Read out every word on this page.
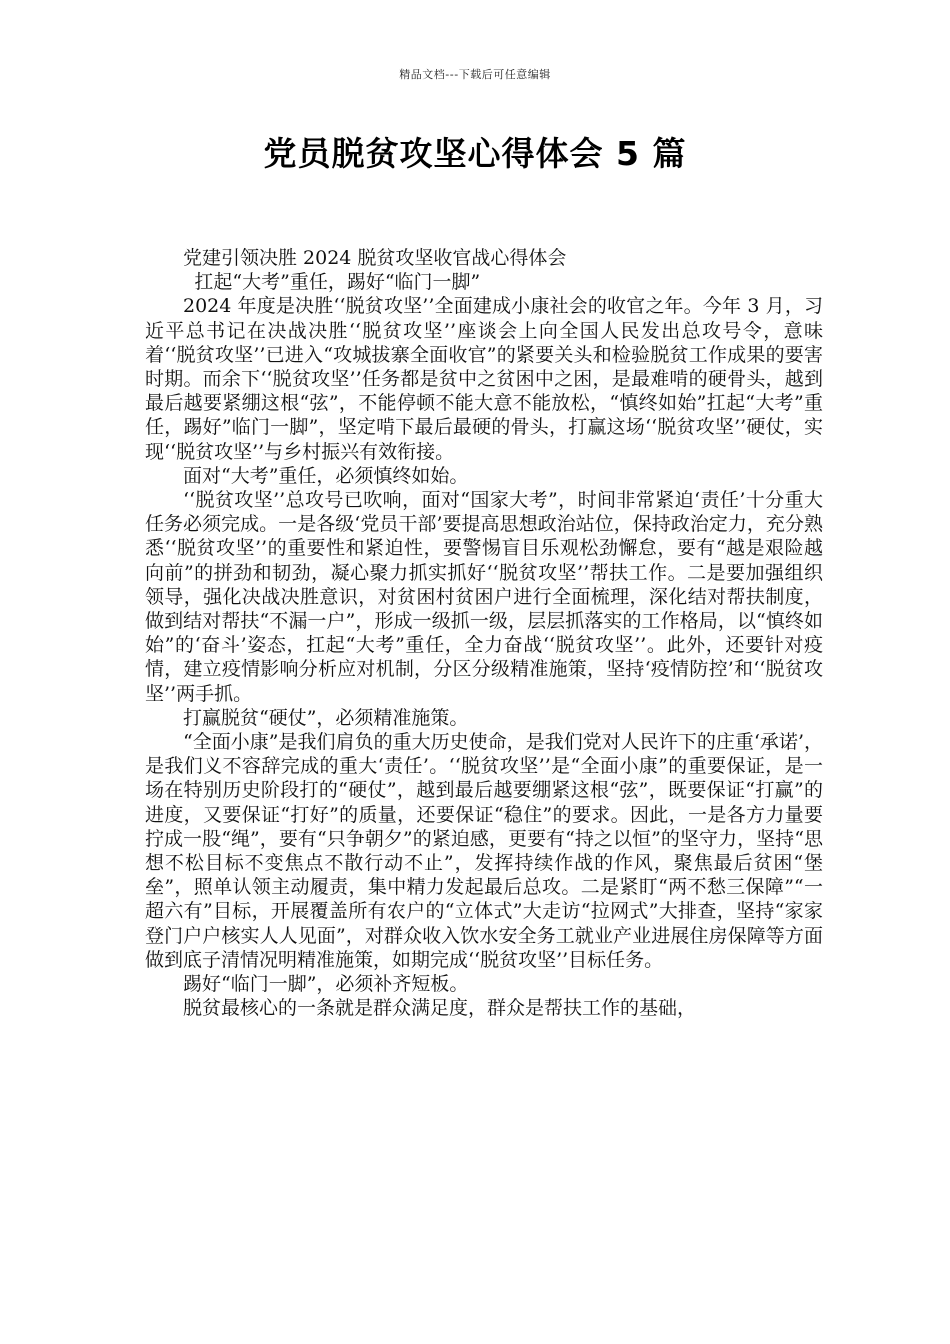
精品文档---下载后可任意编辑
党员脱贫攻坚心得体会 5 篇

党建引领决胜 2024 脱贫攻坚收官战心得体会

扛起“大考”重任，踢好“临门一脚”

2024 年度是决胜‘‘脱贫攻坚’’全面建成小康社会的收官之年。今年 3 月，习近平总书记在决战决胜‘‘脱贫攻坚’’座谈会上向全国人民发出总攻号令，意味着‘‘脱贫攻坚’’已进入“攻城拔寨全面收官”的紧要关头和检验脱贫工作成果的要害时期。而余下‘‘脱贫攻坚’’任务都是贫中之贫困中之困，是最难啃的硬骨头，越到最后越要紧绷这根“弦”，不能停顿不能大意不能放松，“慎终如始”扛起“大考”重任，踢好”临门一脚”，坚定啃下最后最硬的骨头，打赢这场‘‘脱贫攻坚’’硬仗，实现‘‘脱贫攻坚’’与乡村振兴有效衔接。

面对“大考”重任，必须慎终如始。

‘‘脱贫攻坚’’总攻号已吹响，面对“国家大考”，时间非常紧迫‘责任’十分重大任务必须完成。一是各级‘党员干部’要提高思想政治站位，保持政治定力，充分熟悉‘‘脱贫攻坚’’的重要性和紧迫性，要警惕盲目乐观松劲懈怠，要有“越是艰险越向前”的拼劲和韧劲，凝心聚力抓实抓好‘‘脱贫攻坚’’帮扶工作。二是要加强组织领导，强化决战决胜意识，对贫困村贫困户进行全面梳理，深化结对帮扶制度，做到结对帮扶“不漏一户”，形成一级抓一级，层层抓落实的工作格局，以“慎终如始”的‘奋斗’姿态，扛起“大考”重任，全力奋战‘‘脱贫攻坚’’。此外，还要针对疫情，建立疫情影响分析应对机制，分区分级精准施策，坚持‘疫情防控’和‘‘脱贫攻坚’’两手抓。

打赢脱贫“硬仗”，必须精准施策。

“全面小康”是我们肩负的重大历史使命，是我们党对人民许下的庄重‘承诺’，是我们义不容辞完成的重大‘责任’。‘‘脱贫攻坚’’是“全面小康”的重要保证，是一场在特别历史阶段打的“硬仗”，越到最后越要绷紧这根“弦”，既要保证“打赢”的进度，又要保证“打好”的质量，还要保证“稳住”的要求。因此，一是各方力量要拧成一股“绳”，要有“只争朝夕”的紧迫感，更要有“持之以恒”的坚守力，坚持“思想不松目标不变焦点不散行动不止”，发挥持续作战的作风，聚焦最后贫困“堡垒”，照单认领主动履责，集中精力发起最后总攻。二是紧盯“两不愁三保障”“一超六有”目标，开展覆盖所有农户的“立体式”大走访“拉网式”大排查，坚持“家家登门户户核实人人见面”，对群众收入饮水安全务工就业产业进展住房保障等方面做到底子清情况明精准施策，如期完成‘‘脱贫攻坚’’目标任务。

踢好“临门一脚”，必须补齐短板。

脱贫最核心的一条就是群众满足度，群众是帮扶工作的基础，
